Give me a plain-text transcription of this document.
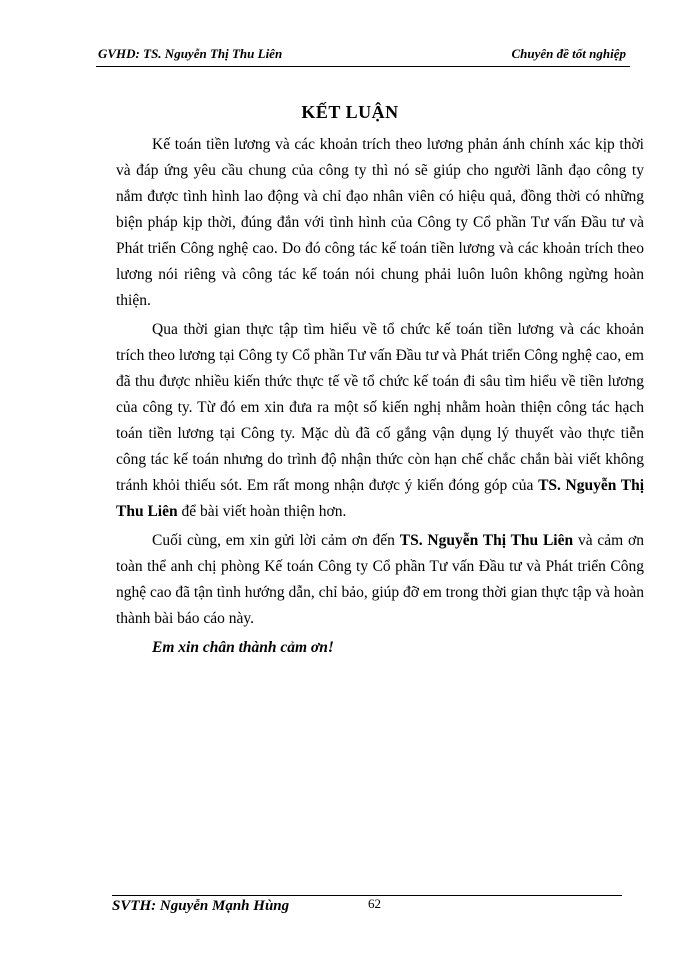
GVHD: TS. Nguyễn Thị Thu Liên	Chuyên đề tốt nghiệp
KẾT LUẬN

Kế toán tiền lương và các khoản trích theo lương phản ánh chính xác kịp thời và đáp ứng yêu cầu chung của công ty thì nó sẽ giúp cho người lãnh đạo công ty nắm được tình hình lao động và chỉ đạo nhân viên có hiệu quả, đồng thời có những biện pháp kịp thời, đúng đắn với tình hình của Công ty Cổ phần Tư vấn Đầu tư và Phát triển Công nghệ cao. Do đó công tác kế toán tiền lương và các khoản trích theo lương nói riêng và công tác kế toán nói chung phải luôn luôn không ngừng hoàn thiện.

Qua thời gian thực tập tìm hiểu về tổ chức kế toán tiền lương và các khoản trích theo lương tại Công ty Cổ phần Tư vấn Đầu tư và Phát triển Công nghệ cao, em đã thu được nhiều kiến thức thực tế về tổ chức kế toán đi sâu tìm hiểu về tiền lương của công ty. Từ đó em xin đưa ra một số kiến nghị nhằm hoàn thiện công tác hạch toán tiền lương tại Công ty. Mặc dù đã cố gắng vận dụng lý thuyết vào thực tiễn công tác kế toán nhưng do trình độ nhận thức còn hạn chế chắc chắn bài viết không tránh khỏi thiếu sót. Em rất mong nhận được ý kiến đóng góp của TS. Nguyễn Thị Thu Liên để bài viết hoàn thiện hơn.

Cuối cùng, em xin gửi lời cảm ơn đến TS. Nguyễn Thị Thu Liên và cảm ơn toàn thể anh chị phòng Kế toán Công ty Cổ phần Tư vấn Đầu tư và Phát triển Công nghệ cao đã tận tình hướng dẫn, chỉ bảo, giúp đỡ em trong thời gian thực tập và hoàn thành bài báo cáo này.

Em xin chân thành cảm ơn!

SVTH: Nguyễn Mạnh Hùng	62
